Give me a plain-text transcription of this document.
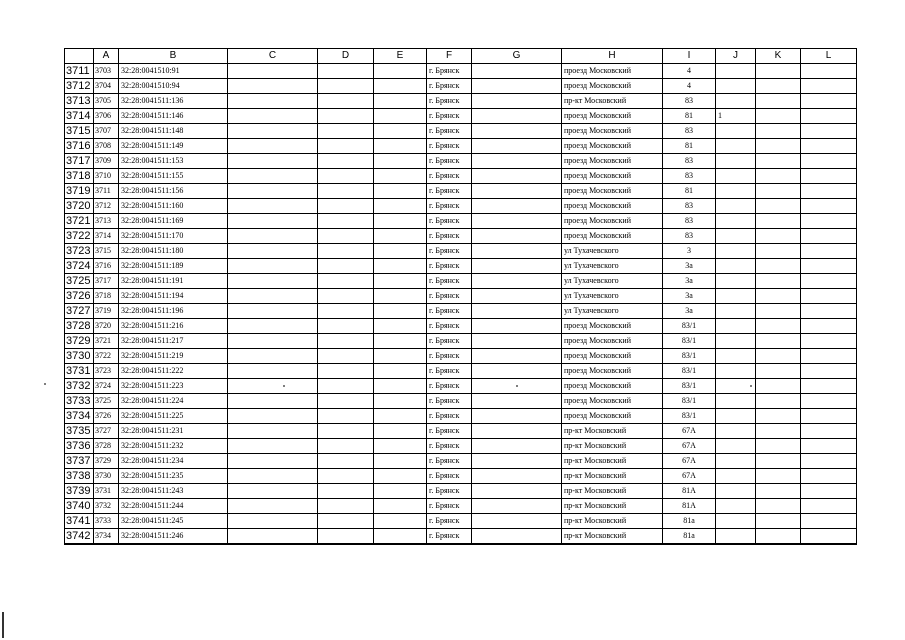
	A	B	C	D	E	F	G	H	I	J	K	L
3711	3703	32:28:0041510:91				г. Брянск		проезд Московский	4			
3712	3704	32:28:0041510:94				г. Брянск		проезд Московский	4			
3713	3705	32:28:0041511:136				г. Брянск		пр-кт Московский	83			
3714	3706	32:28:0041511:146				г. Брянск		проезд Московский	81	1		
3715	3707	32:28:0041511:148				г. Брянск		проезд Московский	83			
3716	3708	32:28:0041511:149				г. Брянск		проезд Московский	81			
3717	3709	32:28:0041511:153				г. Брянск		проезд Московский	83			
3718	3710	32:28:0041511:155				г. Брянск		проезд Московский	83			
3719	3711	32:28:0041511:156				г. Брянск		проезд Московский	81			
3720	3712	32:28:0041511:160				г. Брянск		проезд Московский	83			
3721	3713	32:28:0041511:169				г. Брянск		проезд Московский	83			
3722	3714	32:28:0041511:170				г. Брянск		проезд Московский	83			
3723	3715	32:28:0041511:180				г. Брянск		ул Тухачевского	3			
3724	3716	32:28:0041511:189				г. Брянск		ул Тухачевского	3а			
3725	3717	32:28:0041511:191				г. Брянск		ул Тухачевского	3а			
3726	3718	32:28:0041511:194				г. Брянск		ул Тухачевского	3а			
3727	3719	32:28:0041511:196				г. Брянск		ул Тухачевского	3а			
3728	3720	32:28:0041511:216				г. Брянск		проезд Московский	83/1			
3729	3721	32:28:0041511:217				г. Брянск		проезд Московский	83/1			
3730	3722	32:28:0041511:219				г. Брянск		проезд Московский	83/1			
3731	3723	32:28:0041511:222				г. Брянск		проезд Московский	83/1			
3732	3724	32:28:0041511:223				г. Брянск		проезд Московский	83/1			
3733	3725	32:28:0041511:224				г. Брянск		проезд Московский	83/1			
3734	3726	32:28:0041511:225				г. Брянск		проезд Московский	83/1			
3735	3727	32:28:0041511:231				г. Брянск		пр-кт Московский	67А			
3736	3728	32:28:0041511:232				г. Брянск		пр-кт Московский	67А			
3737	3729	32:28:0041511:234				г. Брянск		пр-кт Московский	67А			
3738	3730	32:28:0041511:235				г. Брянск		пр-кт Московский	67А			
3739	3731	32:28:0041511:243				г. Брянск		пр-кт Московский	81А			
3740	3732	32:28:0041511:244				г. Брянск		пр-кт Московский	81А			
3741	3733	32:28:0041511:245				г. Брянск		пр-кт Московский	81а			
3742	3734	32:28:0041511:246				г. Брянск		пр-кт Московский	81а			
